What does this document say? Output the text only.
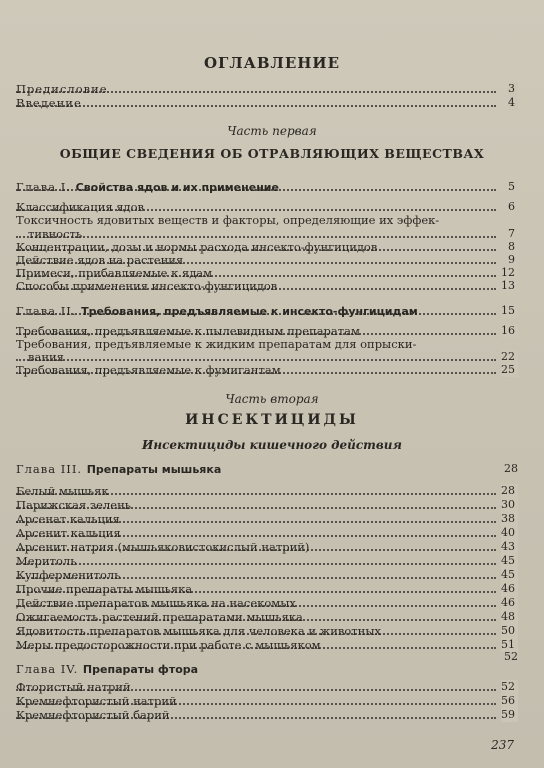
ОГЛАВЛЕНИЕ
Предисловие	3
Введение	4
Часть первая
ОБЩИЕ СВЕДЕНИЯ ОБ ОТРАВЛЯЮЩИХ ВЕЩЕСТВАХ
Глава I. Свойства ядов и их применение	5
Классификация ядов	6
Токсичность ядовитых веществ и факторы, определяющие их эффек-
тивность	7
Концентрации, дозы и нормы расхода инсекто-фунгицидов	8
Действие ядов на растения	9
Примеси, прибавляемые к ядам	12
Способы применения инсекто-фунгицидов	13
Глава II. Требования, предъявляемые к инсекто-фунгицидам	15
Требования, предъявляемые к пылевидным препаратам	16
Требования, предъявляемые к жидким препаратам для опрыски-
вания	22
Требования, предъявляемые к фумигантам	25
Часть вторая
ИНСЕКТИЦИДЫ
Инсектициды кишечного действия
Глава III. Препараты мышьяка	28
Белый мышьяк	28
Парижская зелень	30
Арсенат кальция	38
Арсенит кальция	40
Арсенит натрия (мышьяковистокислый натрий)	43
Меритоль	45
Купферменитоль	45
Прочие препараты мышьяка	46
Действие препаратов мышьяка на насекомых	46
Ожигаемость растений препаратами мышьяка	48
Ядовитость препаратов мышьяка для человека и животных	50
Меры предосторожности при работе с мышьяком	51
Глава IV. Препараты фтора
52
Фтористый натрий	52
Кремнефтористый натрий	56
Кремнефтористый барий	59
237
